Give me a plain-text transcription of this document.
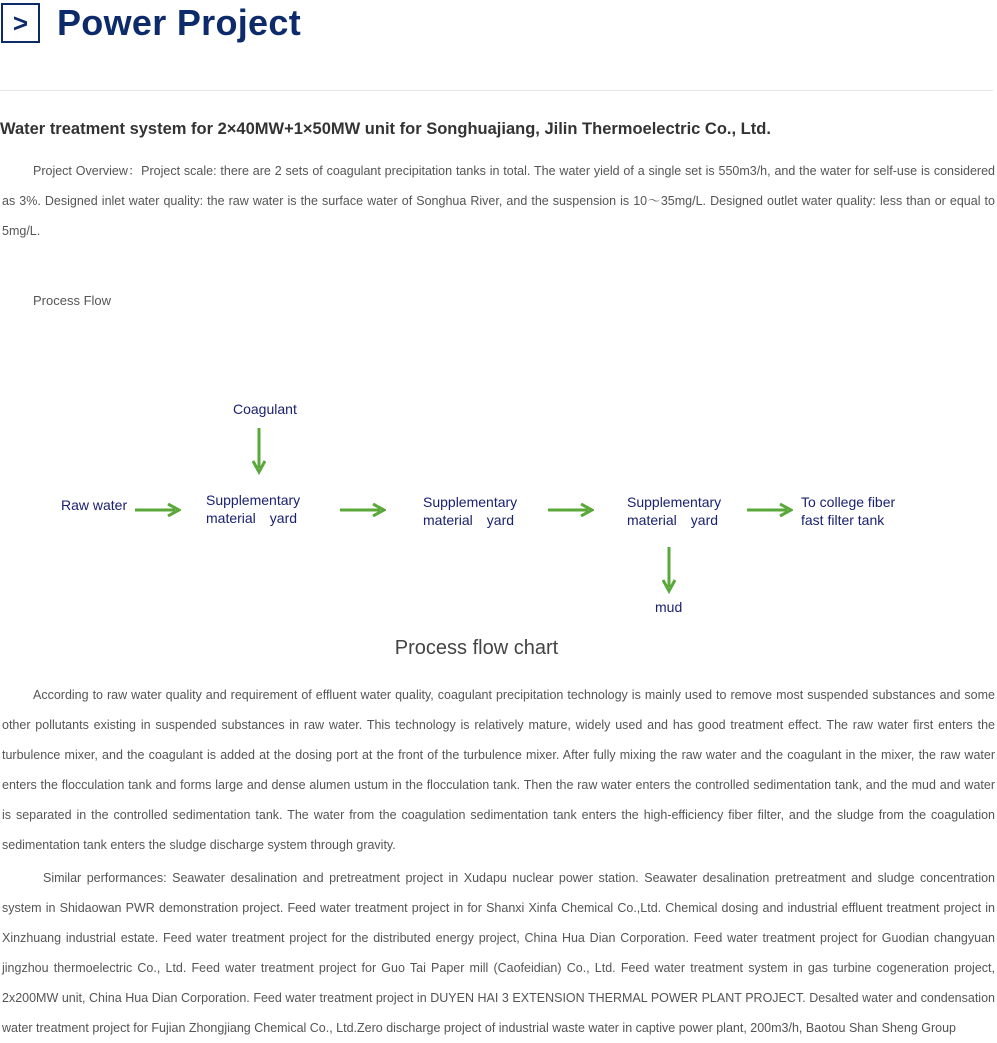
> Power Project
Water treatment system for 2×40MW+1×50MW unit for Songhuajiang, Jilin Thermoelectric Co., Ltd.

Project Overview：Project scale: there are 2 sets of coagulant precipitation tanks in total. The water yield of a single set is 550m3/h, and the water for self-use is considered as 3%. Designed inlet water quality: the raw water is the surface water of Songhua River, and the suspension is 10～35mg/L. Designed outlet water quality: less than or equal to 5mg/L.

Process Flow
Coagulant
Raw water	Supplementary
material　yard
Supplementary
material　yard
Supplementary
material　yard
To college fiber
fast filter tank
mud
Process flow chart

According to raw water quality and requirement of effluent water quality, coagulant precipitation technology is mainly used to remove most suspended substances and some other pollutants existing in suspended substances in raw water. This technology is relatively mature, widely used and has good treatment effect. The raw water first enters the turbulence mixer, and the coagulant is added at the dosing port at the front of the turbulence mixer. After fully mixing the raw water and the coagulant in the mixer, the raw water enters the flocculation tank and forms large and dense alumen ustum in the flocculation tank. Then the raw water enters the controlled sedimentation tank, and the mud and water is separated in the controlled sedimentation tank. The water from the coagulation sedimentation tank enters the high-efficiency fiber filter, and the sludge from the coagulation sedimentation tank enters the sludge discharge system through gravity.

Similar performances: Seawater desalination and pretreatment project in Xudapu nuclear power station. Seawater desalination pretreatment and sludge concentration system in Shidaowan PWR demonstration project. Feed water treatment project in for Shanxi Xinfa Chemical Co.,Ltd. Chemical dosing and industrial effluent treatment project in Xinzhuang industrial estate. Feed water treatment project for the distributed energy project, China Hua Dian Corporation. Feed water treatment project for Guodian changyuan jingzhou thermoelectric Co., Ltd. Feed water treatment project for Guo Tai Paper mill (Caofeidian) Co., Ltd. Feed water treatment system in gas turbine cogeneration project, 2x200MW unit, China Hua Dian Corporation. Feed water treatment project in DUYEN HAI 3 EXTENSION THERMAL POWER PLANT PROJECT. Desalted water and condensation water treatment project for Fujian Zhongjiang Chemical Co., Ltd.Zero discharge project of industrial waste water in captive power plant, 200m3/h, Baotou Shan Sheng Group
